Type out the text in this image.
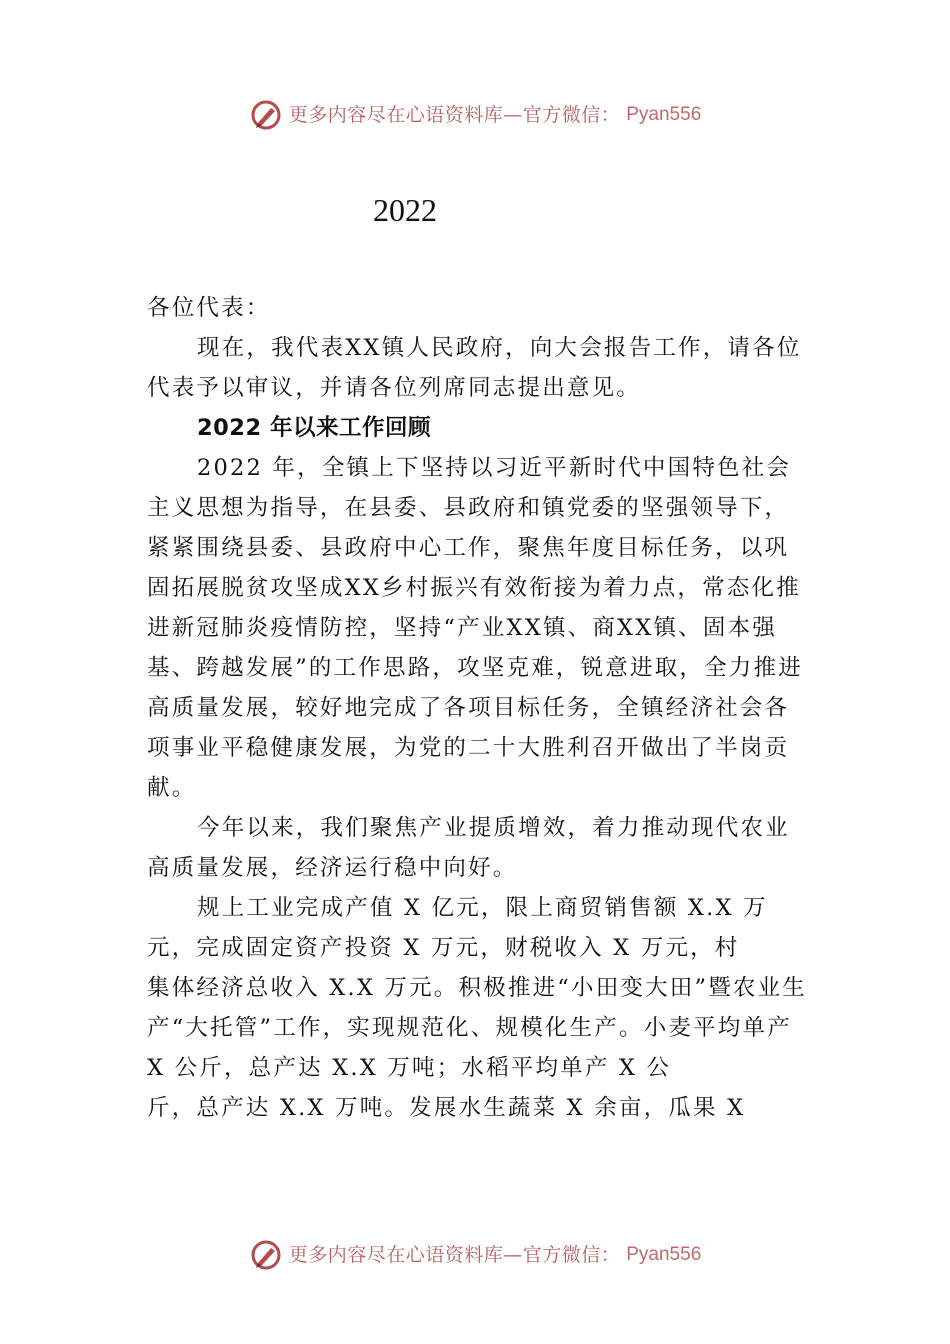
更多内容尽在心语资料库—官方微信： Pyan556
2022

各位代表：

现在，我代表XX镇人民政府，向大会报告工作，请各位代表予以审议，并请各位列席同志提出意见。

2022 年以来工作回顾

2022 年，全镇上下坚持以习近平新时代中国特色社会主义思想为指导，在县委、县政府和镇党委的坚强领导下，紧紧围绕县委、县政府中心工作，聚焦年度目标任务，以巩固拓展脱贫攻坚成XX乡村振兴有效衔接为着力点，常态化推进新冠肺炎疫情防控，坚持“产业XX镇、商XX镇、固本强基、跨越发展”的工作思路，攻坚克难，锐意进取，全力推进高质量发展，较好地完成了各项目标任务，全镇经济社会各项事业平稳健康发展，为党的二十大胜利召开做出了半岗贡献。

今年以来，我们聚焦产业提质增效，着力推动现代农业高质量发展，经济运行稳中向好。

规上工业完成产值 X 亿元，限上商贸销售额 X.X 万元，完成固定资产投资 X 万元，财税收入 X 万元，村

集体经济总收入 X.X 万元。积极推进“小田变大田”暨农业生产“大托管”工作，实现规范化、规模化生产。小麦平均单产 X 公斤，总产达 X.X 万吨；水稻平均单产 X 公

斤，总产达 X.X 万吨。发展水生蔬菜 X 余亩，瓜果 X

更多内容尽在心语资料库—官方微信： Pyan556
